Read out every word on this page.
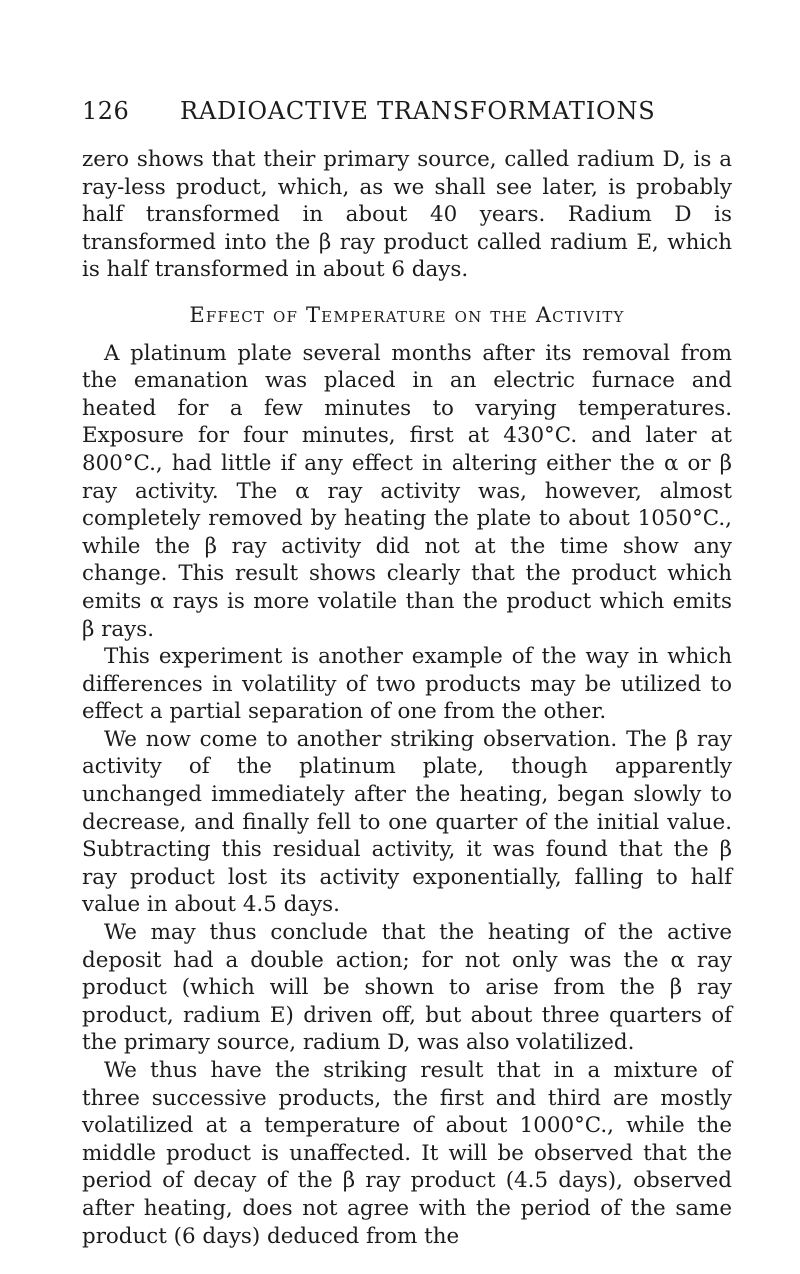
126 RADIOACTIVE TRANSFORMATIONS

zero shows that their primary source, called radium D, is a ray-less product, which, as we shall see later, is probably half transformed in about 40 years. Radium D is transformed into the β ray product called radium E, which is half transformed in about 6 days.

Effect of Temperature on the Activity

A platinum plate several months after its removal from the emanation was placed in an electric furnace and heated for a few minutes to varying temperatures. Exposure for four minutes, first at 430°C. and later at 800°C., had little if any effect in altering either the α or β ray activity. The α ray activity was, however, almost completely removed by heating the plate to about 1050°C., while the β ray activity did not at the time show any change. This result shows clearly that the product which emits α rays is more volatile than the product which emits β rays.

This experiment is another example of the way in which differences in volatility of two products may be utilized to effect a partial separation of one from the other.

We now come to another striking observation. The β ray activity of the platinum plate, though apparently unchanged immediately after the heating, began slowly to decrease, and finally fell to one quarter of the initial value. Subtracting this residual activity, it was found that the β ray product lost its activity exponentially, falling to half value in about 4.5 days.

We may thus conclude that the heating of the active deposit had a double action; for not only was the α ray product (which will be shown to arise from the β ray product, radium E) driven off, but about three quarters of the primary source, radium D, was also volatilized.

We thus have the striking result that in a mixture of three successive products, the first and third are mostly volatilized at a temperature of about 1000°C., while the middle product is unaffected. It will be observed that the period of decay of the β ray product (4.5 days), observed after heating, does not agree with the period of the same product (6 days) deduced from the
